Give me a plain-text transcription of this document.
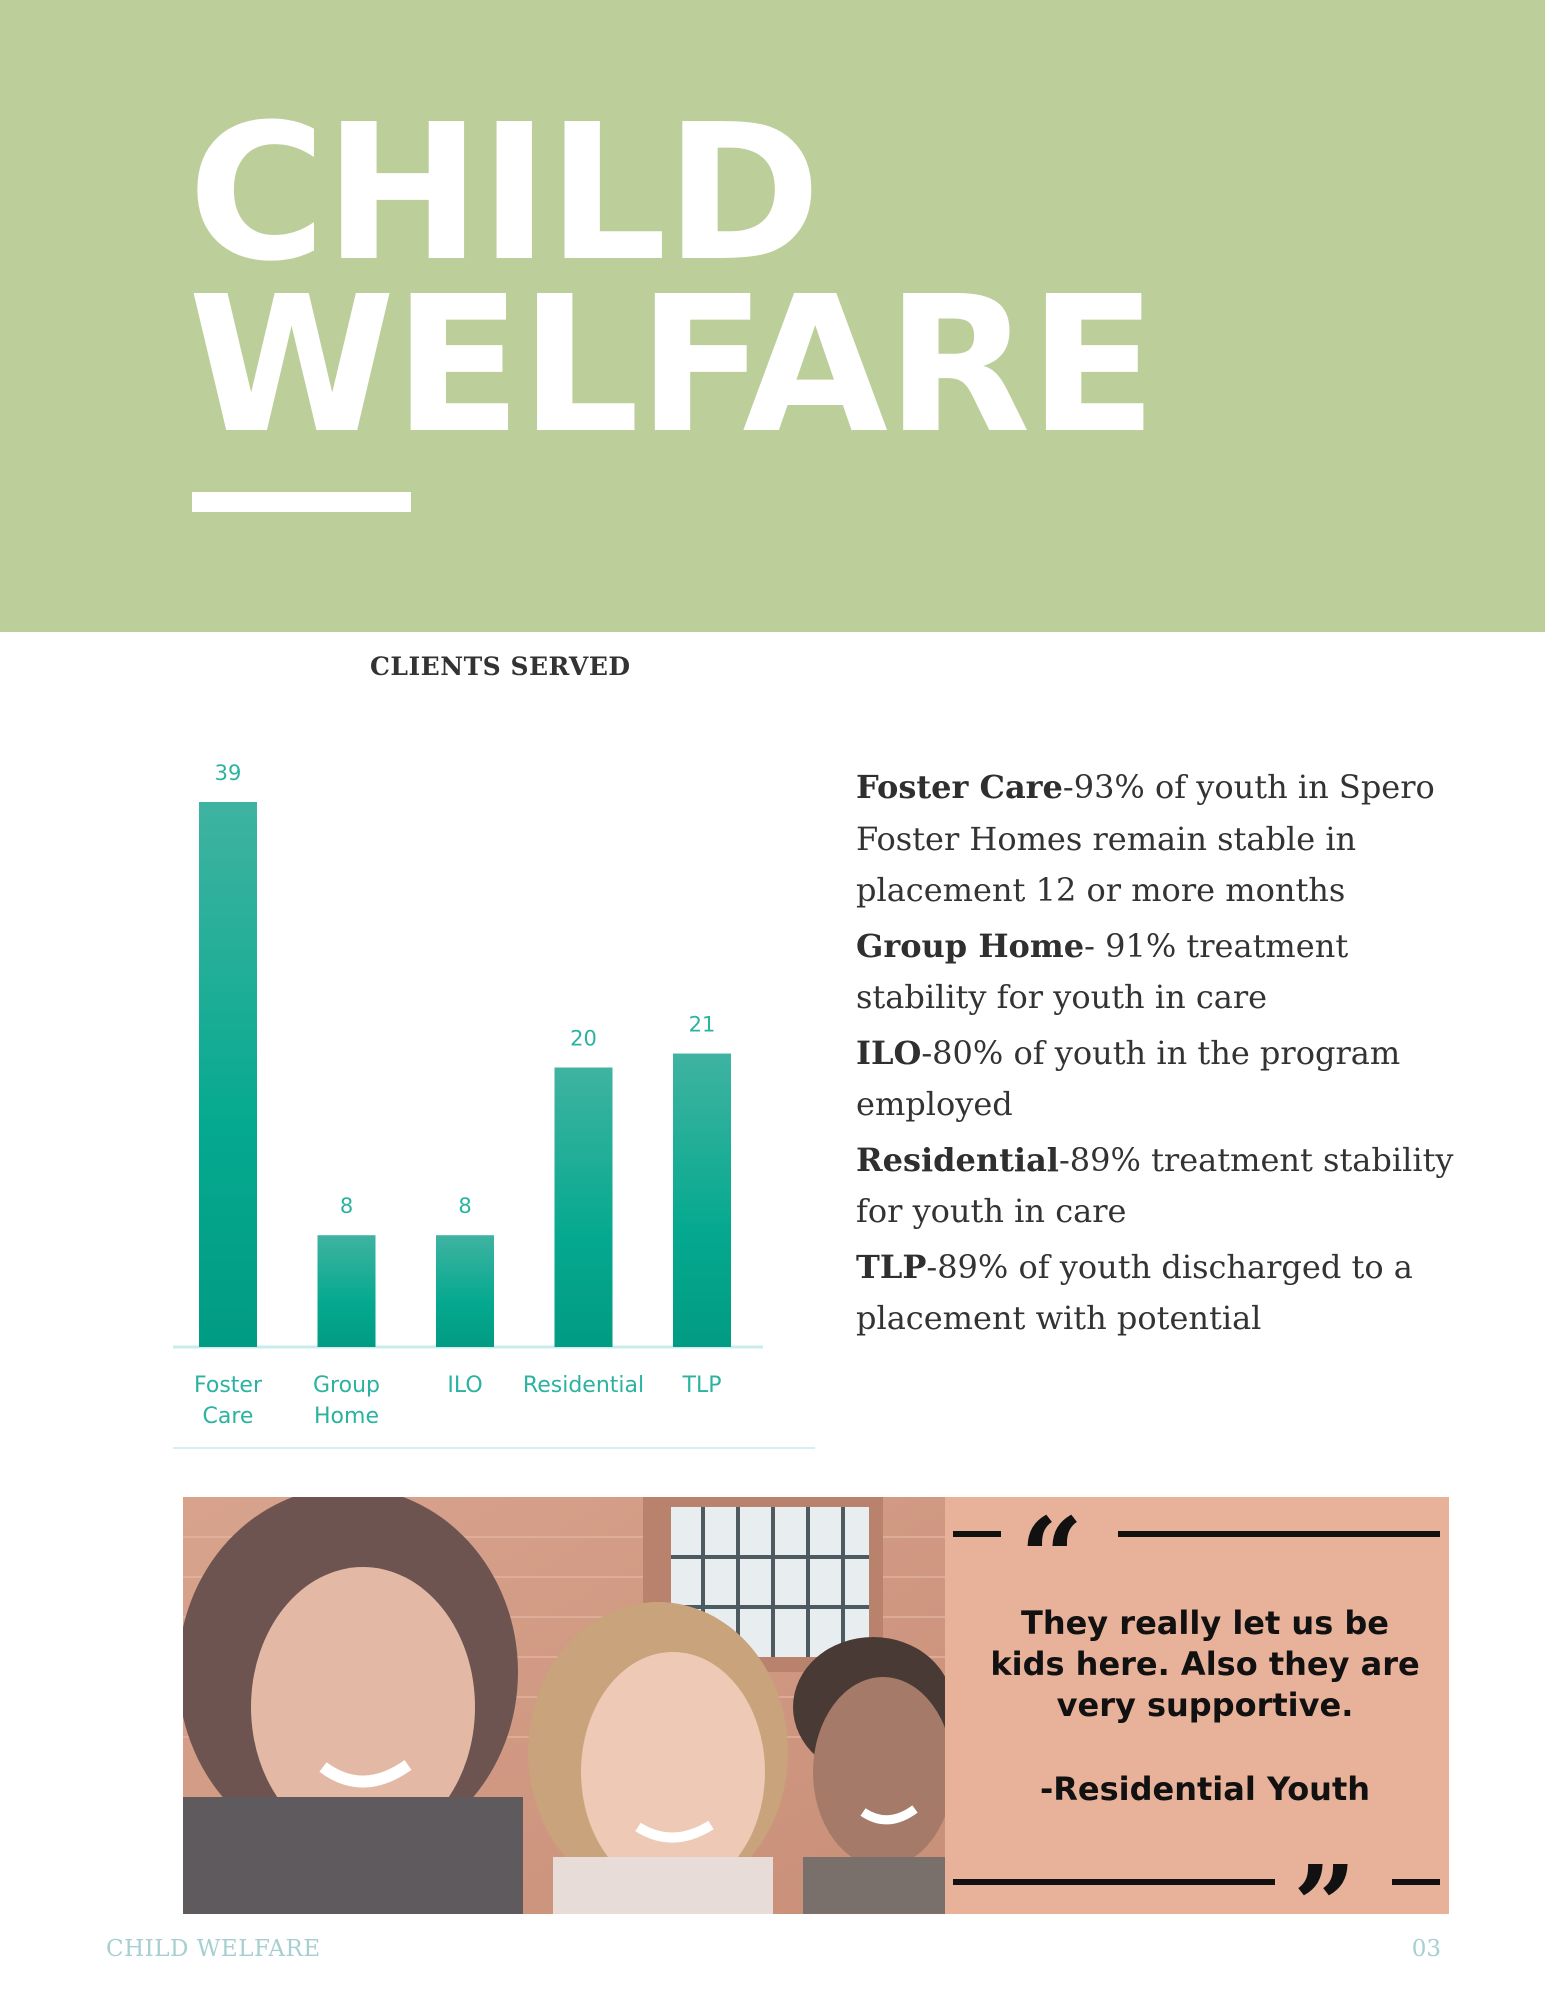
CHILD
WELFARE
CLIENTS SERVED
39
Foster
Care
8
Group
Home
8
ILO
20
Residential
21
TLP

Foster Care-93% of youth in Spero Foster Homes remain stable in placement 12 or more months

Group Home- 91% treatment stability for youth in care

ILO-80% of youth in the program employed

Residential-89% treatment stability for youth in care

TLP-89% of youth discharged to a placement with potential

“
They really let us be kids here. Also they are very supportive.
-Residential Youth
”
CHILD WELFARE	03
